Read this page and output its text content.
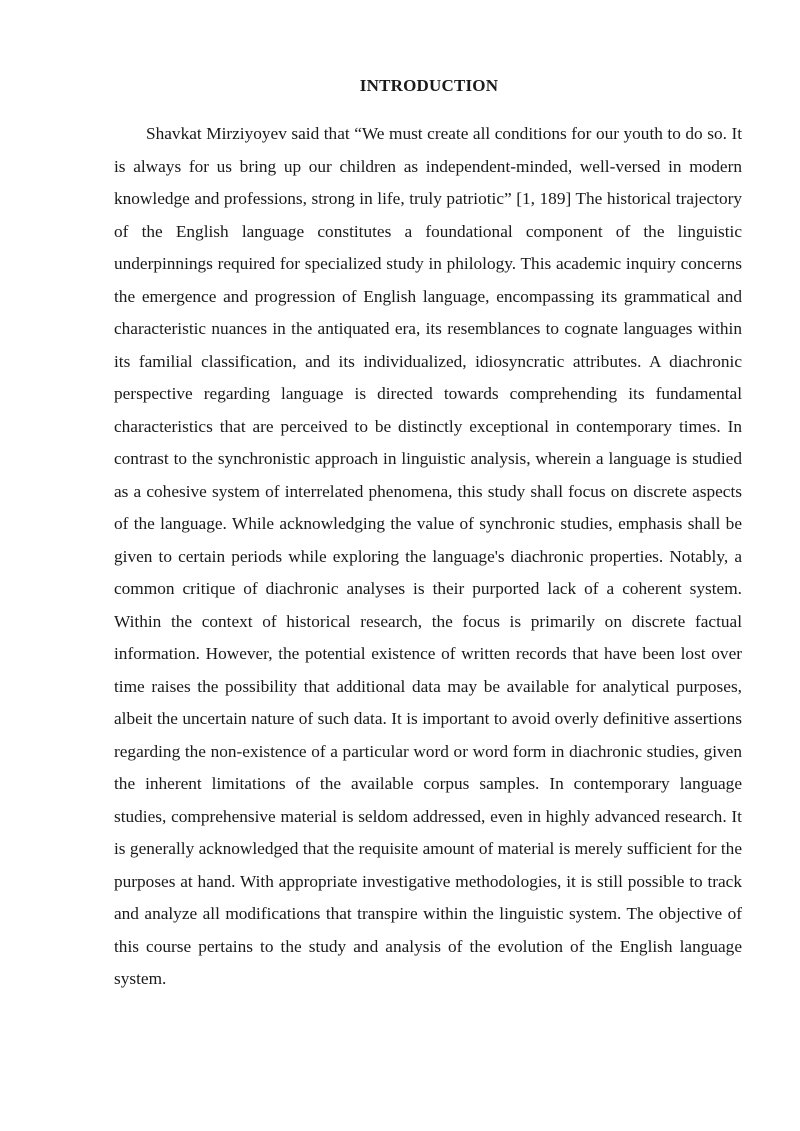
INTRODUCTION

Shavkat Mirziyoyev said that “We must create all conditions for our youth to do so. It is always for us bring up our children as independent-minded, well-versed in modern knowledge and professions, strong in life, truly patriotic” [1, 189] The historical trajectory of the English language constitutes a foundational component of the linguistic underpinnings required for specialized study in philology. This academic inquiry concerns the emergence and progression of English language, encompassing its grammatical and characteristic nuances in the antiquated era, its resemblances to cognate languages within its familial classification, and its individualized, idiosyncratic attributes. A diachronic perspective regarding language is directed towards comprehending its fundamental characteristics that are perceived to be distinctly exceptional in contemporary times. In contrast to the synchronistic approach in linguistic analysis, wherein a language is studied as a cohesive system of interrelated phenomena, this study shall focus on discrete aspects of the language. While acknowledging the value of synchronic studies, emphasis shall be given to certain periods while exploring the language's diachronic properties. Notably, a common critique of diachronic analyses is their purported lack of a coherent system. Within the context of historical research, the focus is primarily on discrete factual information. However, the potential existence of written records that have been lost over time raises the possibility that additional data may be available for analytical purposes, albeit the uncertain nature of such data. It is important to avoid overly definitive assertions regarding the non-existence of a particular word or word form in diachronic studies, given the inherent limitations of the available corpus samples. In contemporary language studies, comprehensive material is seldom addressed, even in highly advanced research. It is generally acknowledged that the requisite amount of material is merely sufficient for the purposes at hand. With appropriate investigative methodologies, it is still possible to track and analyze all modifications that transpire within the linguistic system. The objective of this course pertains to the study and analysis of the evolution of the English language system.
